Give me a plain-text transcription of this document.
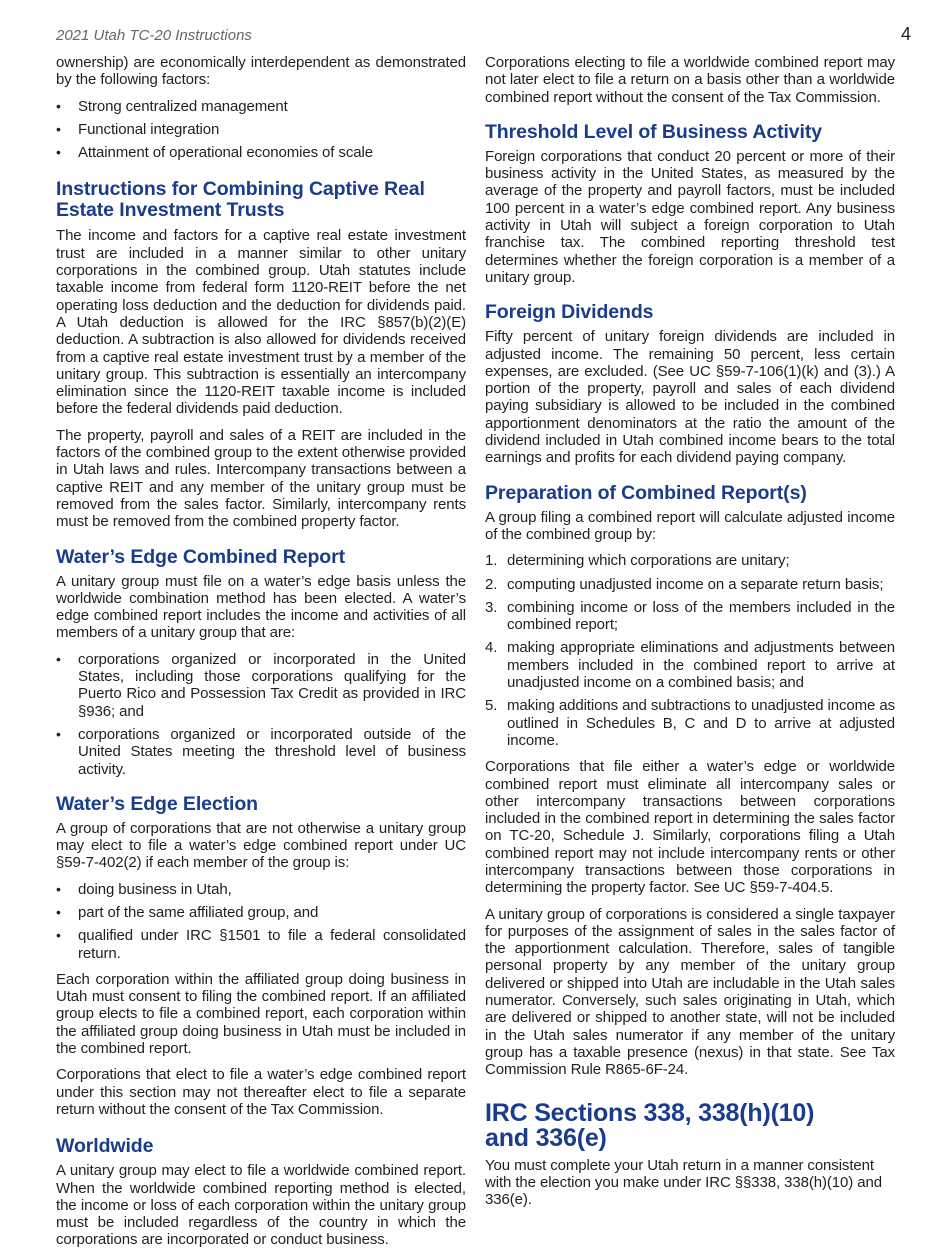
2021 Utah TC-20 Instructions	4

ownership) are economically interdependent as demonstrated by the following factors:

• Strong centralized management
• Functional integration
• Attainment of operational economies of scale
Instructions for Combining Captive Real Estate Investment Trusts

The income and factors for a captive real estate investment trust are included in a manner similar to other unitary corporations in the combined group. Utah statutes include taxable income from federal form 1120-REIT before the net operating loss deduction and the deduction for dividends paid. A Utah deduction is allowed for the IRC §857(b)(2)(E) deduction. A subtraction is also allowed for dividends received from a captive real estate investment trust by a member of the unitary group. This subtraction is essentially an intercompany elimination since the 1120-REIT taxable income is included before the federal dividends paid deduction.

The property, payroll and sales of a REIT are included in the factors of the combined group to the extent otherwise provided in Utah laws and rules. Intercompany transactions between a captive REIT and any member of the unitary group must be removed from the sales factor. Similarly, intercompany rents must be removed from the combined property factor.

Water’s Edge Combined Report

A unitary group must file on a water’s edge basis unless the worldwide combination method has been elected. A water’s edge combined report includes the income and activities of all members of a unitary group that are:

• corporations organized or incorporated in the United States, including those corporations qualifying for the Puerto Rico and Possession Tax Credit as provided in IRC §936; and
• corporations organized or incorporated outside of the United States meeting the threshold level of business activity.
Water’s Edge Election

A group of corporations that are not otherwise a unitary group may elect to file a water’s edge combined report under UC §59-7-402(2) if each member of the group is:

• doing business in Utah,
• part of the same affiliated group, and
• qualified under IRC §1501 to file a federal consolidated return.

Each corporation within the affiliated group doing business in Utah must consent to filing the combined report. If an affiliated group elects to file a combined report, each corporation within the affiliated group doing business in Utah must be included in the combined report.

Corporations that elect to file a water’s edge combined report under this section may not thereafter elect to file a separate return without the consent of the Tax Commission.

Worldwide

A unitary group may elect to file a worldwide combined report. When the worldwide combined reporting method is elected, the income or loss of each corporation within the unitary group must be included regardless of the country in which the corporations are incorporated or conduct business.

Corporations electing to file a worldwide combined report may not later elect to file a return on a basis other than a worldwide combined report without the consent of the Tax Commission.

Threshold Level of Business Activity

Foreign corporations that conduct 20 percent or more of their business activity in the United States, as measured by the average of the property and payroll factors, must be included 100 percent in a water’s edge combined report. Any business activity in Utah will subject a foreign corporation to Utah franchise tax. The combined reporting threshold test determines whether the foreign corporation is a member of a unitary group.

Foreign Dividends

Fifty percent of unitary foreign dividends are included in adjusted income. The remaining 50 percent, less certain expenses, are excluded. (See UC §59-7-106(1)(k) and (3).) A portion of the property, payroll and sales of each dividend paying subsidiary is allowed to be included in the combined apportionment denominators at the ratio the amount of the dividend included in Utah combined income bears to the total earnings and profits for each dividend paying company.

Preparation of Combined Report(s)

A group filing a combined report will calculate adjusted income of the combined group by:

1. determining which corporations are unitary;
2. computing unadjusted income on a separate return basis;
3. combining income or loss of the members included in the combined report;
4. making appropriate eliminations and adjustments between members included in the combined report to arrive at unadjusted income on a combined basis; and
5. making additions and subtractions to unadjusted income as outlined in Schedules B, C and D to arrive at adjusted income.

Corporations that file either a water’s edge or worldwide combined report must eliminate all intercompany sales or other intercompany transactions between corporations included in the combined report in determining the sales factor on TC-20, Schedule J. Similarly, corporations filing a Utah combined report may not include intercompany rents or other intercompany transactions between those corporations in determining the property factor. See UC §59-7-404.5.

A unitary group of corporations is considered a single taxpayer for purposes of the assignment of sales in the sales factor of the apportionment calculation. Therefore, sales of tangible personal property by any member of the unitary group delivered or shipped into Utah are includable in the Utah sales numerator. Conversely, such sales originating in Utah, which are delivered or shipped to another state, will not be included in the Utah sales numerator if any member of the unitary group has a taxable presence (nexus) in that state. See Tax Commission Rule R865-6F-24.

IRC Sections 338, 338(h)(10)
and 336(e)

You must complete your Utah return in a manner consistent with the election you make under IRC §§338, 338(h)(10) and 336(e).
